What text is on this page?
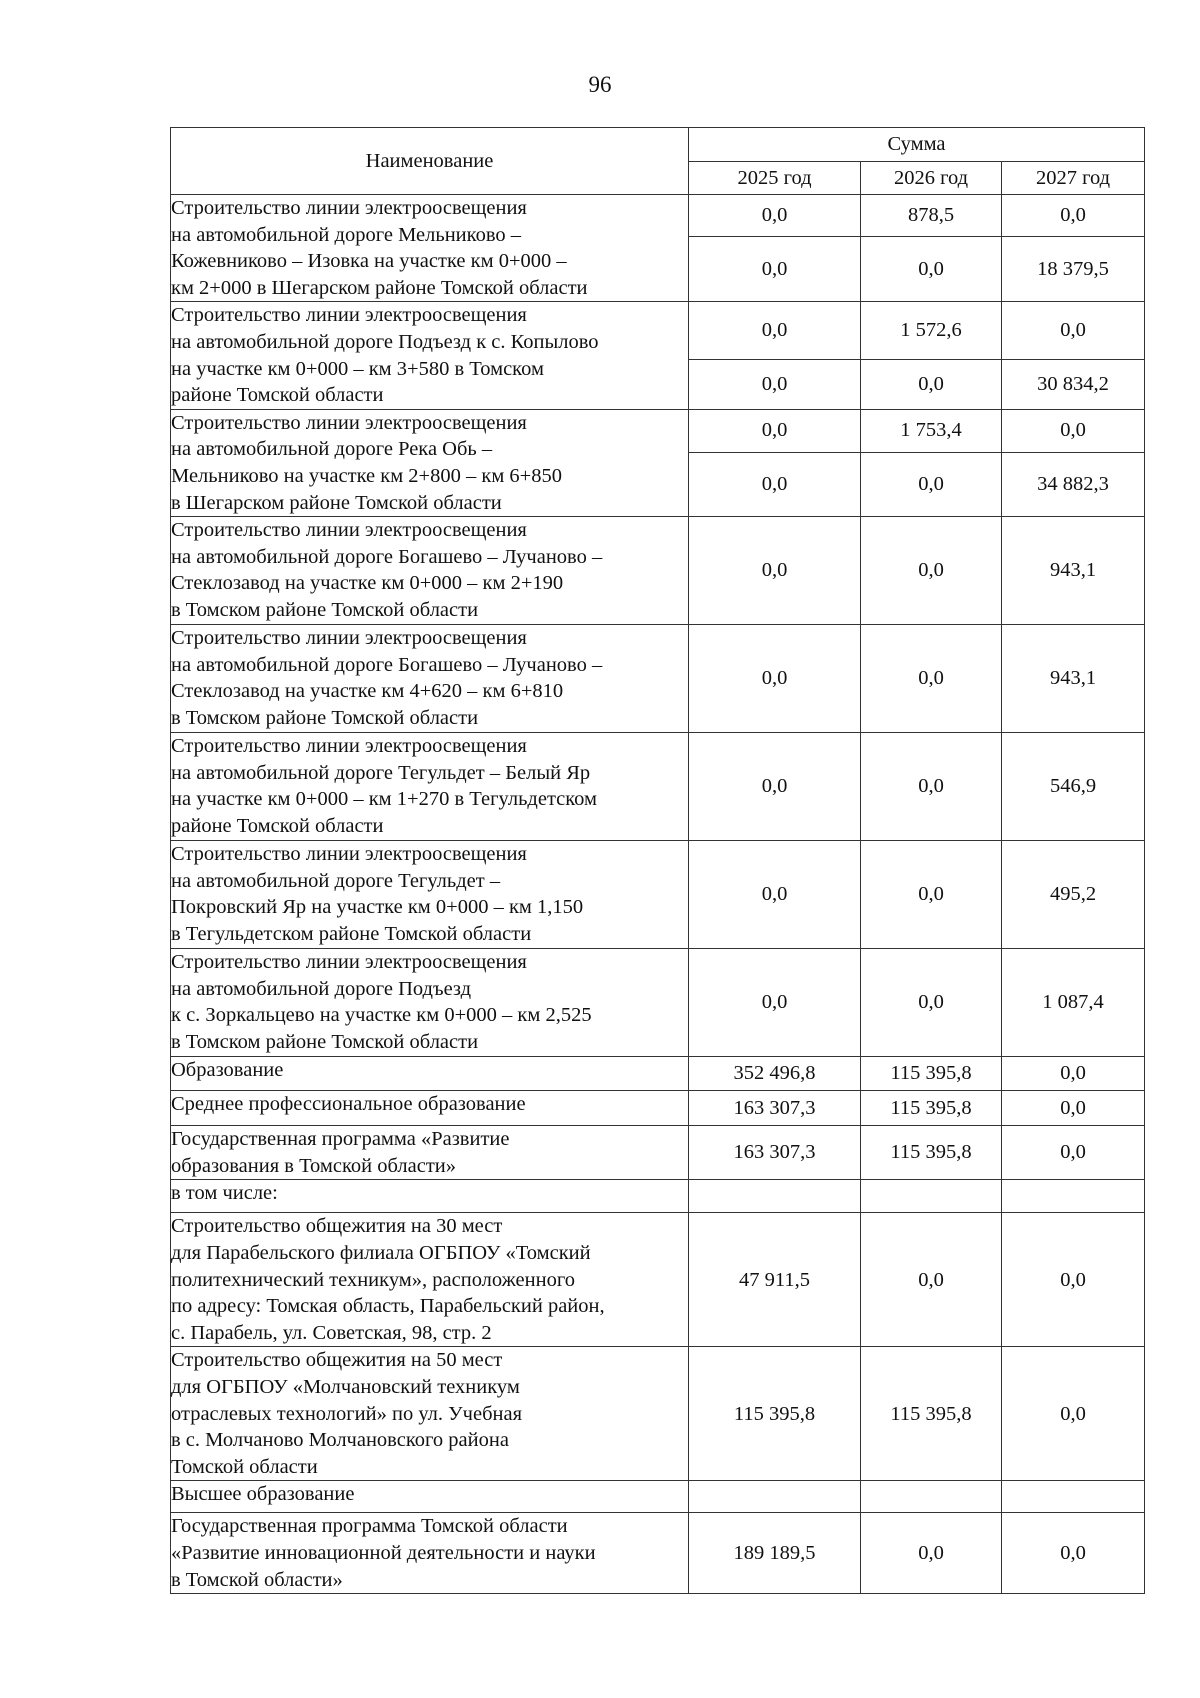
96
Наименование	Сумма		
	2025 год	2026 год	2027 год
Строительство линии электроосвещения
на автомобильной дороге Мельниково –
Кожевниково – Изовка на участке км 0+000 –
км 2+000 в Шегарском районе Томской области	0,0	878,5	0,0
	0,0	0,0	18 379,5
Строительство линии электроосвещения
на автомобильной дороге Подъезд к с. Копылово
на участке км 0+000 – км 3+580 в Томском
районе Томской области	0,0	1 572,6	0,0
	0,0	0,0	30 834,2
Строительство линии электроосвещения
на автомобильной дороге Река Обь –
Мельниково на участке км 2+800 – км 6+850
в Шегарском районе Томской области	0,0	1 753,4	0,0
	0,0	0,0	34 882,3
Строительство линии электроосвещения
на автомобильной дороге Богашево – Лучаново –
Стеклозавод на участке км 0+000 – км 2+190
в Томском районе Томской области	0,0	0,0	943,1
Строительство линии электроосвещения
на автомобильной дороге Богашево – Лучаново –
Стеклозавод на участке км 4+620 – км 6+810
в Томском районе Томской области	0,0	0,0	943,1
Строительство линии электроосвещения
на автомобильной дороге Тегульдет – Белый Яр
на участке км 0+000 – км 1+270 в Тегульдетском
районе Томской области	0,0	0,0	546,9
Строительство линии электроосвещения
на автомобильной дороге Тегульдет –
Покровский Яр на участке км 0+000 – км 1,150
в Тегульдетском районе Томской области	0,0	0,0	495,2
Строительство линии электроосвещения
на автомобильной дороге Подъезд
к с. Зоркальцево на участке км 0+000 – км 2,525
в Томском районе Томской области	0,0	0,0	1 087,4
Образование	352 496,8	115 395,8	0,0
Среднее профессиональное образование	163 307,3	115 395,8	0,0
Государственная программа «Развитие
образования в Томской области»	163 307,3	115 395,8	0,0
в том числе:			
Строительство общежития на 30 мест
для Парабельского филиала ОГБПОУ «Томский
политехнический техникум», расположенного
по адресу: Томская область, Парабельский район,
с. Парабель, ул. Советская, 98, стр. 2	47 911,5	0,0	0,0
Строительство общежития на 50 мест
для ОГБПОУ «Молчановский техникум
отраслевых технологий» по ул. Учебная
в с. Молчаново Молчановского района
Томской области	115 395,8	115 395,8	0,0
Высшее образование			
Государственная программа Томской области
«Развитие инновационной деятельности и науки
в Томской области»	189 189,5	0,0	0,0
